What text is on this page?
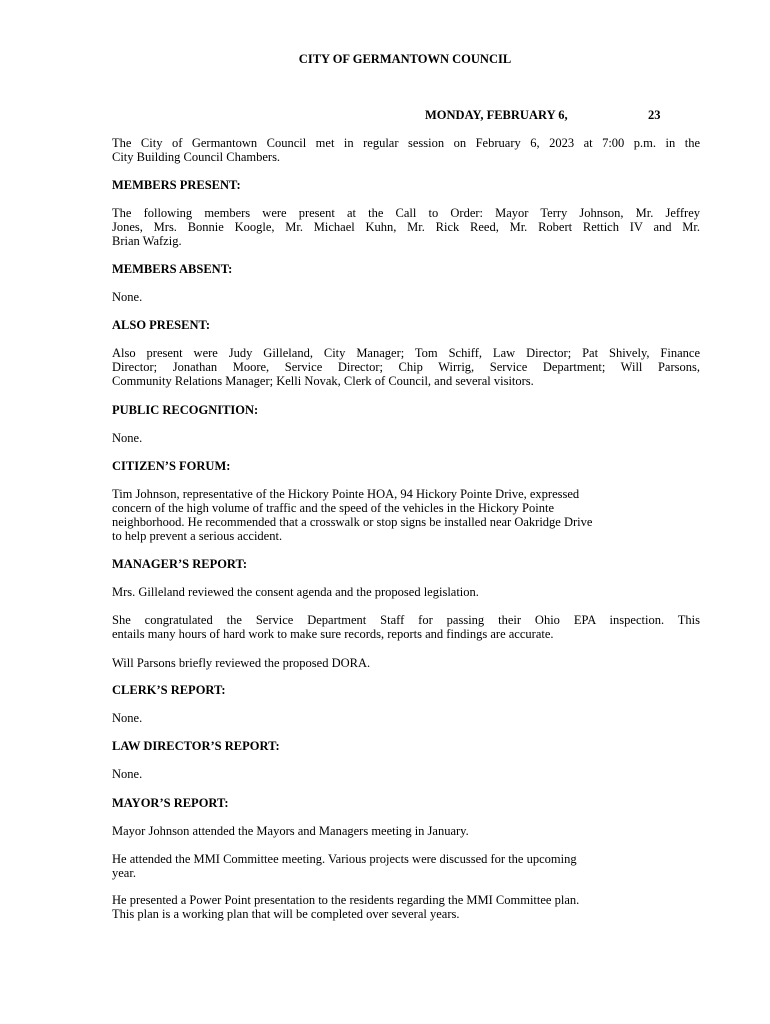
CITY OF GERMANTOWN COUNCIL
MONDAY, FEBRUARY 6,	23
The City of Germantown Council met in regular session on February 6, 2023 at 7:00 p.m. in the
City Building Council Chambers.
MEMBERS PRESENT:
The following members were present at the Call to Order: Mayor Terry Johnson, Mr. Jeffrey
Jones, Mrs. Bonnie Koogle, Mr. Michael Kuhn, Mr. Rick Reed, Mr. Robert Rettich IV and Mr.
Brian Wafzig.
MEMBERS ABSENT:
None.
ALSO PRESENT:
Also present were Judy Gilleland, City Manager; Tom Schiff, Law Director; Pat Shively, Finance
Director; Jonathan Moore, Service Director; Chip Wirrig, Service Department; Will Parsons,
Community Relations Manager; Kelli Novak, Clerk of Council, and several visitors.
PUBLIC RECOGNITION:
None.
CITIZEN’S FORUM:
Tim Johnson, representative of the Hickory Pointe HOA, 94 Hickory Pointe Drive, expressed
concern of the high volume of traffic and the speed of the vehicles in the Hickory Pointe
neighborhood. He recommended that a crosswalk or stop signs be installed near Oakridge Drive
to help prevent a serious accident.
MANAGER’S REPORT:
Mrs. Gilleland reviewed the consent agenda and the proposed legislation.
She congratulated the Service Department Staff for passing their Ohio EPA inspection. This
entails many hours of hard work to make sure records, reports and findings are accurate.
Will Parsons briefly reviewed the proposed DORA.
CLERK’S REPORT:
None.
LAW DIRECTOR’S REPORT:
None.
MAYOR’S REPORT:
Mayor Johnson attended the Mayors and Managers meeting in January.
He attended the MMI Committee meeting. Various projects were discussed for the upcoming
year.
He presented a Power Point presentation to the residents regarding the MMI Committee plan.
This plan is a working plan that will be completed over several years.
